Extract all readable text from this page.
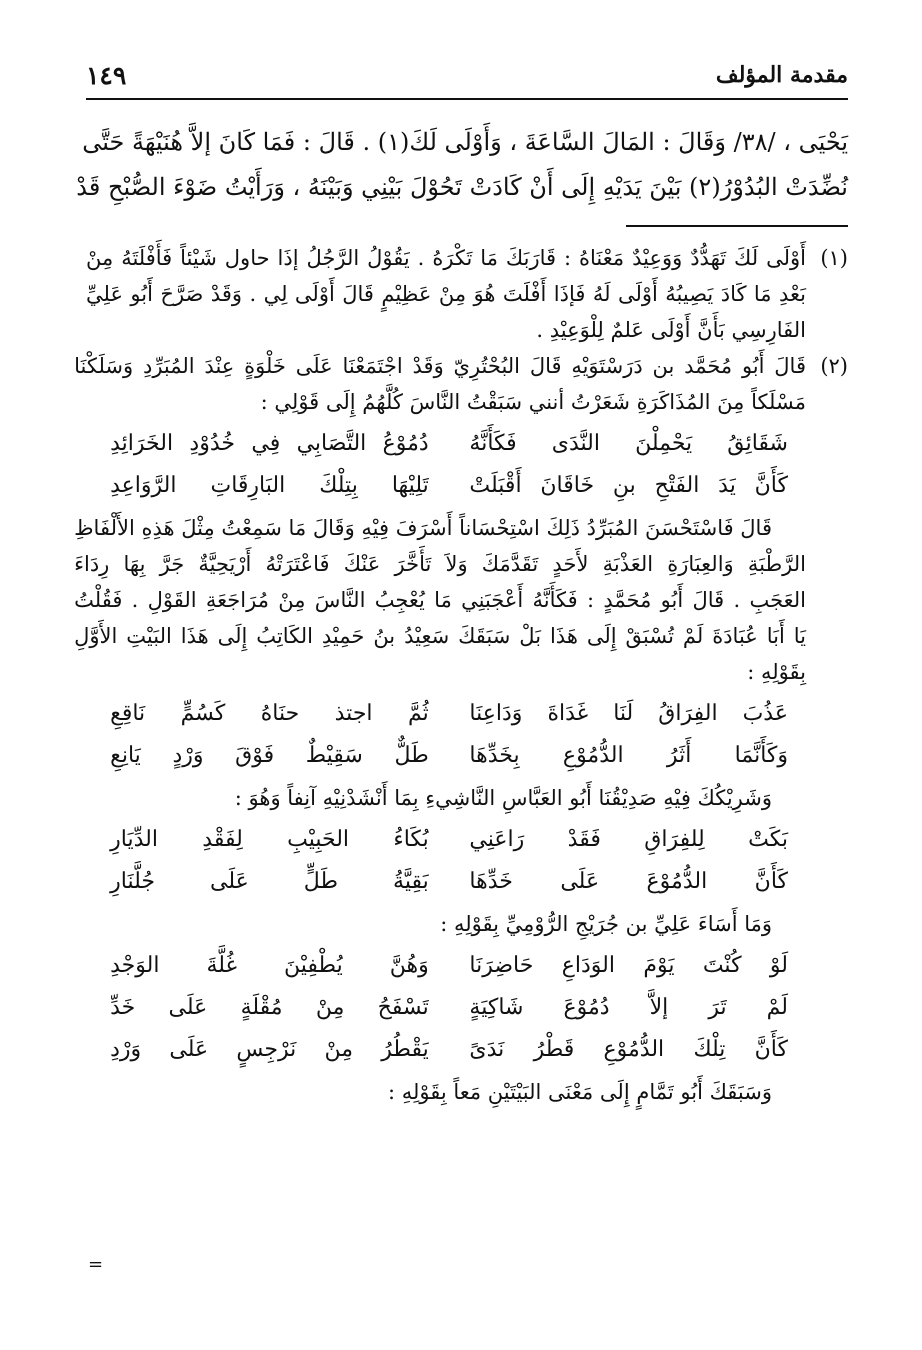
١٤٩	مقدمة المؤلف
يَحْيَى ، /٣٨/ وَقَالَ : المَالَ السَّاعَةَ ، وَأَوْلَى لَكَ(١) . قَالَ : فَمَا كَانَ إلاَّ هُنَيْهَةً حَتَّى
نُضِّدَتْ البُدُوْرُ(٢) بَيْنَ يَدَيْهِ إِلَى أَنْ كَادَتْ تَحُوْلَ بَيْنِي وَبَيْنَهُ ، وَرَأَيْتُ ضَوْءَ الصُّبْحِ قَدْ
(١)
أَوْلَى لَكَ تَهَدُّدٌ وَوَعِيْدٌ مَعْنَاهُ : قَارَبَكَ مَا تَكْرَهُ . يَقُوْلُ الرَّجُلُ إذَا حاول شَيْئاً فَأَفْلَتَهُ مِنْ
بَعْدِ مَا كَادَ يَصِيبُهُ أَوْلَى لَهُ فَإذَا أَفْلَتَ هُوَ مِنْ عَظِيْمٍ قَالَ أَوْلَى لِي . وَقَدْ صَرَّحَ أَبُو عَلِيِّ
الفَارِسِي بَأَنَّ أَوْلَى عَلمٌ لِلْوَعِيْدِ .
(٢)
قَالَ أَبُو مُحَمَّد بن دَرَسْتَوَيْهِ قَالَ البُحْتُرِيّ وَقَدْ اجْتَمَعْنَا عَلَى خَلْوَةٍ عِنْدَ المُبَرِّدِ وَسَلَكْنَا
مَسْلَكاً مِنَ المُذَاكَرَةِ شَعَرْتُ أنني سَبَقْتُ النَّاسَ كُلَّهُمُ إِلَى قَوْلِي :
شَقَائِقُ يَحْمِلْنَ النَّدَى فَكَأَنَّهُ
دُمُوْعُ التَّصَابِي فِي خُدُوْدِ الخَرَائِدِ
كَأَنَّ يَدَ الفَتْحِ بنِ خَاقَانَ أَقْبَلَتْ
تَلِيْهَا بِتِلْكَ البَارِقَاتِ الرَّوَاعِدِ
قَالَ فَاسْتَحْسَنَ المُبَرِّدُ ذَلِكَ اسْتِحْسَاناً أَسْرَفَ فِيْهِ وَقَالَ مَا سَمِعْتُ مِثْلَ هَذِهِ الأَلْفَاظِ
الرَّطْبَةِ وَالعِبَارَةِ العَذْبَةِ لأَحَدٍ تَقَدَّمَكَ وَلاَ تَأَخَّرَ عَنْكَ فَاعْتَرَتْهُ أَرْيَحِيَّةٌ جَرَّ بِهَا رِدَاءَ
العَجَبِ . قَالَ أَبُو مُحَمَّدٍ : فَكَأَنَّهُ أَعْجَبَنِي مَا يُعْجِبُ النَّاسَ مِنْ مُرَاجَعَةِ القَوْلِ . فَقُلْتُ
يَا أَبَا عُبَادَةَ لَمْ تُسْبَقْ إِلَى هَذَا بَلْ سَبَقَكَ سَعِيْدُ بنُ حَمِيْدِ الكَاتِبُ إِلَى هَذَا البَيْتِ الأَوَّلِ
بِقَوْلِهِ :
عَذُبَ الفِرَاقُ لَنَا غَدَاةَ وَدَاعِنَا
ثُمَّ اجتذ حنَاهُ كَسُمٍّ نَاقِعِ
وَكَأَنَّمَا أَثَرُ الدُّمُوْعِ بِخَدِّهَا
طَلٌّ سَقِيْطٌ فَوْقَ وَرْدٍ يَانِعِ
وَشَرِيْكُكَ فِيْهِ صَدِيْقُنَا أَبُو العَبَّاسِ النَّاشِيءِ بِمَا أَنْشَدْنِيْهِ آنِفاً وَهُوَ :
بَكَتْ لِلفِرَاقِ فَقَدْ رَاعَنِي
بُكَاءُ الحَبِيْبِ لِفَقْدِ الدِّيَارِ
كَأَنَّ الدُّمُوْعَ عَلَى خَدِّهَا
بَقِيَّةُ طَلٍّ عَلَى جُلَّنَارِ
وَمَا أَسَاءَ عَلِيِّ بن جُرَيْجِ الرُّوْمِيِّ بِقَوْلِهِ :
لَوْ كُنْتَ يَوْمَ الوَدَاعِ حَاضِرَنَا
وَهُنَّ يُطْفِيْنَ غُلَّةَ الوَجْدِ
لَمْ تَرَ إلاَّ دُمُوْعَ شَاكِيَةٍ
تَسْفَحُ مِنْ مُقْلَةٍ عَلَى خَدِّ
كَأَنَّ تِلْكَ الدُّمُوْعِ قَطْرُ نَدَىً
يَقْطُرُ مِنْ نَرْجِسٍ عَلَى وَرْدِ
وَسَبَقَكَ أَبُو تَمَّامٍ إِلَى مَعْنَى البَيْتَيْنِ مَعاً بِقَوْلِهِ :
=
